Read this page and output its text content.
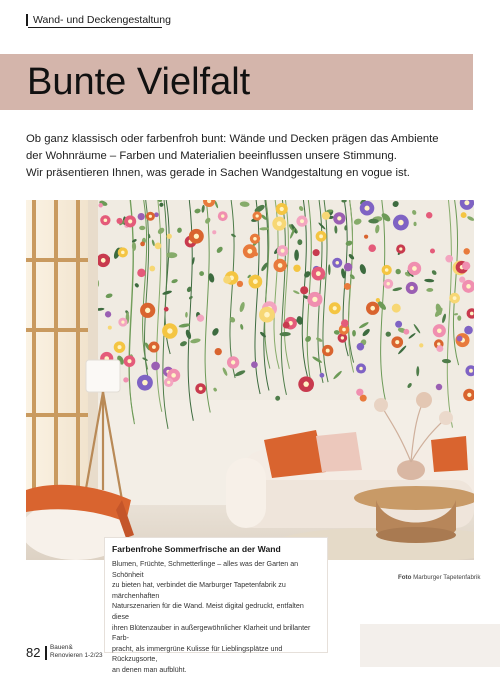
Wand- und Deckengestaltung
Bunte Vielfalt

Ob ganz klassisch oder farbenfroh bunt: Wände und Decken prägen das Ambiente

der Wohnräume – Farben und Materialien beeinflussen unsere Stimmung.

Wir präsentieren Ihnen, was gerade in Sachen Wandgestaltung en vogue ist.

Farbenfrohe Sommerfrische an der Wand
Blumen, Früchte, Schmetterlinge – alles was der Garten an Schönheit
zu bieten hat, verbindet die Marburger Tapetenfabrik zu märchenhaften
Naturszenarien für die Wand. Meist digital gedruckt, entfalten diese
ihren Blütenzauber in außergewöhnlicher Klarheit und brillanter Farb-
pracht, als immergrüne Kulisse für Lieblingsplätze und Rückzugsorte,
an denen man aufblüht.
Foto Marburger Tapetenfabrik
82 Bauen&
Renovieren 1-2/23
